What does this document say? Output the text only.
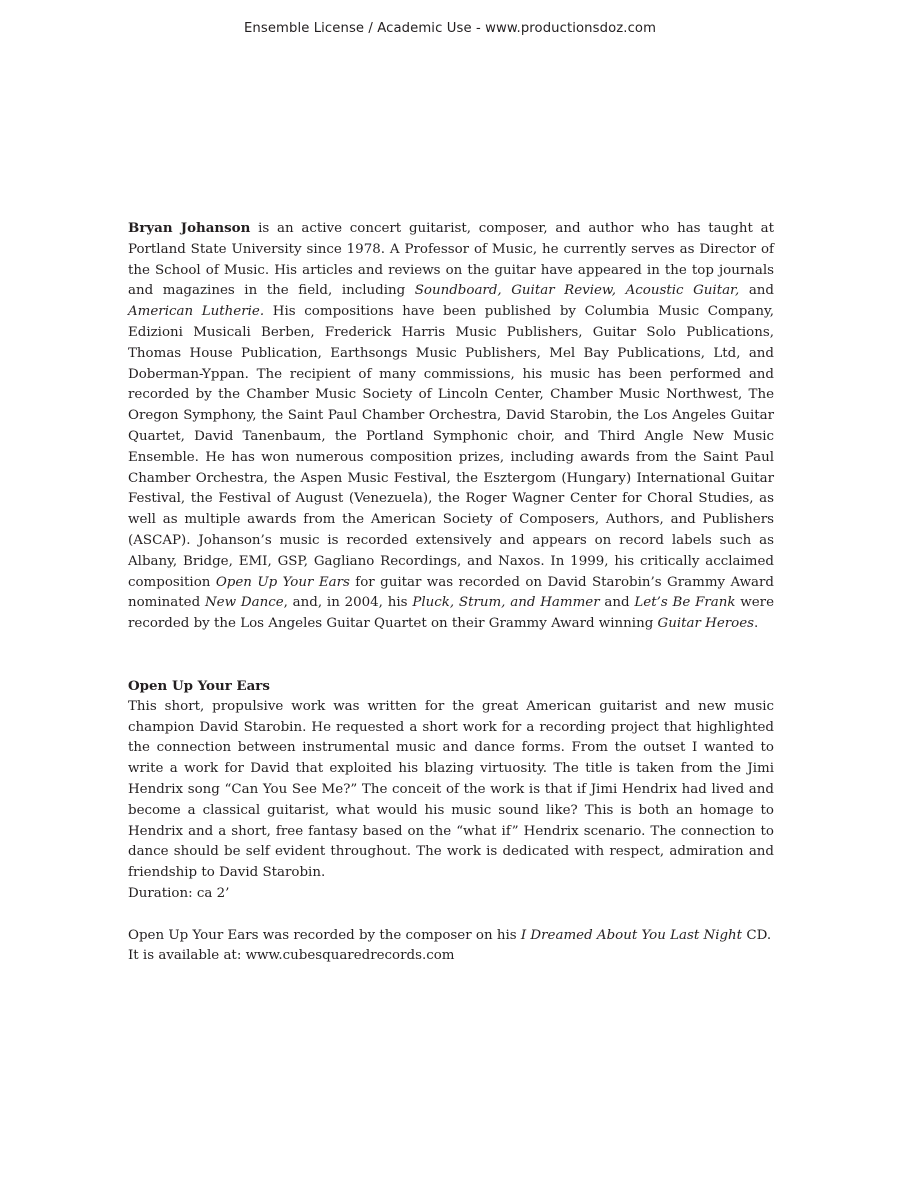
Ensemble License / Academic Use - www.productionsdoz.com

Bryan Johanson is an active concert guitarist, composer, and author who has taught at Portland State University since 1978. A Professor of Music, he currently serves as Director of the School of Music. His articles and reviews on the guitar have appeared in the top journals and magazines in the field, including Soundboard, Guitar Review, Acoustic Guitar, and American Lutherie. His compositions have been published by Columbia Music Company, Edizioni Musicali Berben, Frederick Harris Music Publishers, Guitar Solo Publications, Thomas House Publication, Earthsongs Music Publishers, Mel Bay Publications, Ltd, and Doberman-Yppan. The recipient of many commissions, his music has been performed and recorded by the Chamber Music Society of Lincoln Center, Chamber Music Northwest, The Oregon Symphony, the Saint Paul Chamber Orchestra, David Starobin, the Los Angeles Guitar Quartet, David Tanenbaum, the Portland Symphonic choir, and Third Angle New Music Ensemble. He has won numerous composition prizes, including awards from the Saint Paul Chamber Orchestra, the Aspen Music Festival, the Esztergom (Hungary) International Guitar Festival, the Festival of August (Venezuela), the Roger Wagner Center for Choral Studies, as well as multiple awards from the American Society of Composers, Authors, and Publishers (ASCAP). Johanson’s music is recorded extensively and appears on record labels such as Albany, Bridge, EMI, GSP, Gagliano Recordings, and Naxos. In 1999, his critically acclaimed composition Open Up Your Ears for guitar was recorded on David Starobin’s Grammy Award nominated New Dance, and, in 2004, his Pluck, Strum, and Hammer and Let’s Be Frank were recorded by the Los Angeles Guitar Quartet on their Grammy Award winning Guitar Heroes.

Open Up Your Ears

This short, propulsive work was written for the great American guitarist and new music champion David Starobin. He requested a short work for a recording project that highlighted the connection between instrumental music and dance forms. From the outset I wanted to write a work for David that exploited his blazing virtuosity. The title is taken from the Jimi Hendrix song “Can You See Me?” The conceit of the work is that if Jimi Hendrix had lived and become a classical guitarist, what would his music sound like? This is both an homage to Hendrix and a short, free fantasy based on the “what if” Hendrix scenario. The connection to dance should be self evident throughout. The work is dedicated with respect, admiration and friendship to David Starobin.

Duration: ca 2’

Open Up Your Ears was recorded by the composer on his I Dreamed About You Last Night CD.

It is available at: www.cubesquaredrecords.com
